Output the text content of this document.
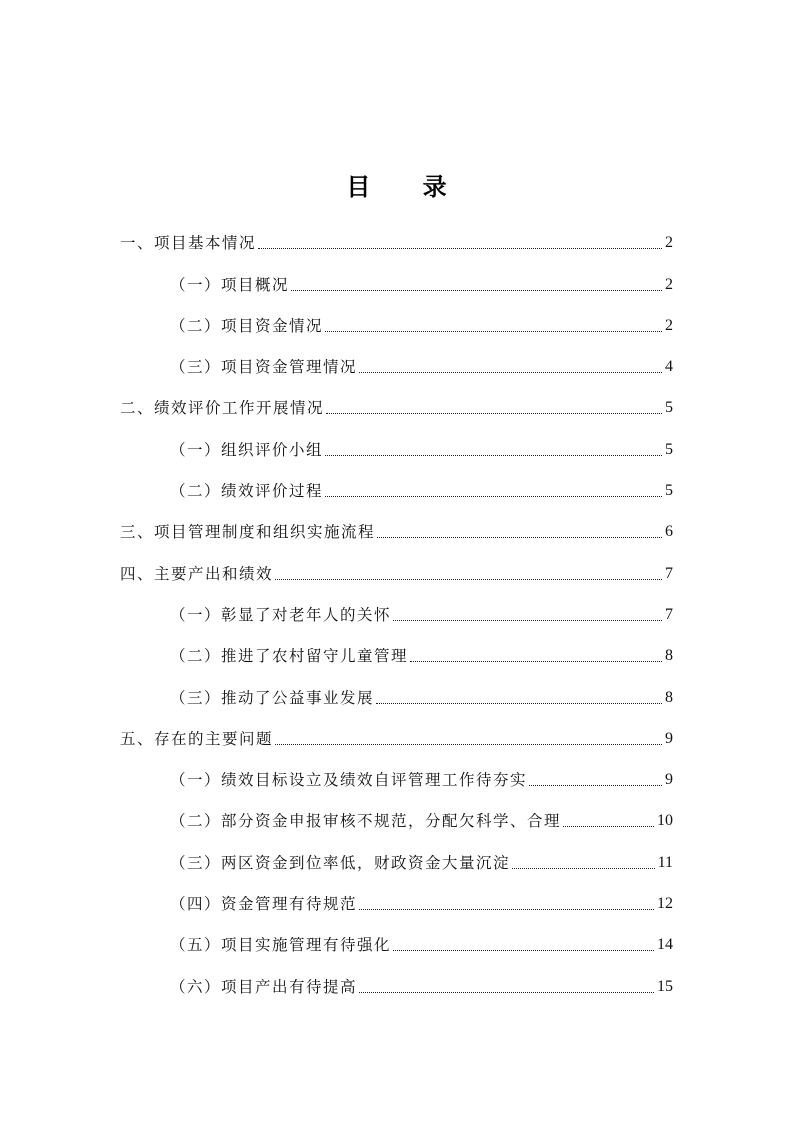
目 录
一、项目基本情况	2
（一）项目概况	2
（二）项目资金情况	2
（三）项目资金管理情况	4
二、绩效评价工作开展情况	5
（一）组织评价小组	5
（二）绩效评价过程	5
三、项目管理制度和组织实施流程	6
四、主要产出和绩效	7
（一）彰显了对老年人的关怀	7
（二）推进了农村留守儿童管理	8
（三）推动了公益事业发展	8
五、存在的主要问题	9
（一）绩效目标设立及绩效自评管理工作待夯实	9
（二）部分资金申报审核不规范，分配欠科学、合理	10
（三）两区资金到位率低，财政资金大量沉淀	11
（四）资金管理有待规范	12
（五）项目实施管理有待强化	14
（六）项目产出有待提高	15
